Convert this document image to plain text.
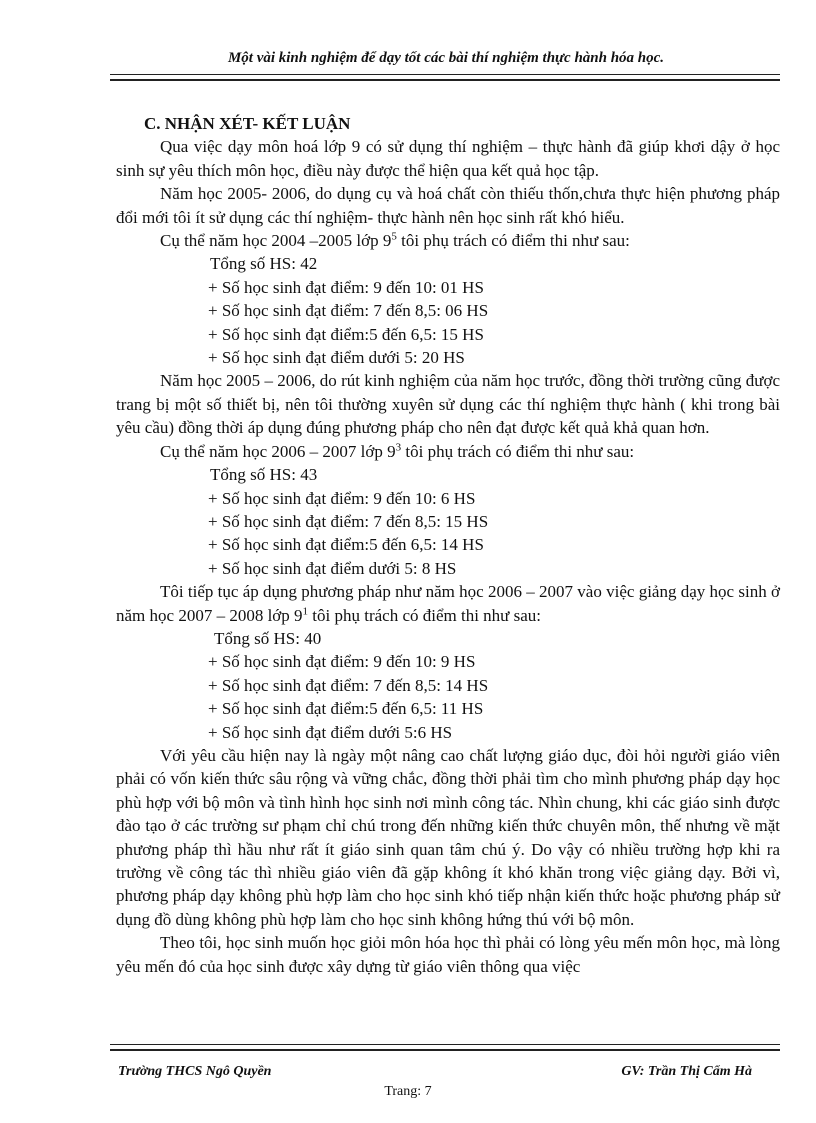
Một vài kinh nghiệm để dạy tốt các bài thí nghiệm thực hành hóa học.
C. NHẬN XÉT- KẾT LUẬN

Qua việc dạy môn hoá lớp 9 có sử dụng thí nghiệm – thực hành đã giúp khơi dậy ở học sinh sự yêu thích môn học, điều này được thể hiện qua kết quả học tập.

Năm học 2005- 2006, do dụng cụ và hoá chất còn thiếu thốn,chưa thực hiện phương pháp đổi mới tôi ít sử dụng các thí nghiệm- thực hành nên học sinh rất khó hiểu.

Cụ thể năm học 2004 –2005 lớp $9^5$ tôi phụ trách có điểm thi như sau:

Tổng số HS: 42
+ Số học sinh đạt điểm: 9 đến 10: 01 HS
+ Số học sinh đạt điểm: 7 đến 8,5: 06 HS
+ Số học sinh đạt điểm:5 đến 6,5: 15 HS
+ Số học sinh đạt điểm dưới 5: 20 HS

Năm học 2005 – 2006, do rút kinh nghiệm của năm học trước, đồng thời trường cũng được trang bị một số thiết bị, nên tôi thường xuyên sử dụng các thí nghiệm thực hành ( khi trong bài yêu cầu) đồng thời áp dụng đúng phương pháp cho nên đạt được kết quả khả quan hơn.

Cụ thể năm học 2006 – 2007 lớp $9^3$ tôi phụ trách có điểm thi như sau:

Tổng số HS: 43
+ Số học sinh đạt điểm: 9 đến 10: 6 HS
+ Số học sinh đạt điểm: 7 đến 8,5: 15 HS
+ Số học sinh đạt điểm:5 đến 6,5: 14 HS
+ Số học sinh đạt điểm dưới 5: 8 HS

Tôi tiếp tục áp dụng phương pháp như năm học 2006 – 2007 vào việc giảng dạy học sinh ở năm học 2007 – 2008 lớp $9^1$ tôi phụ trách có điểm thi như sau:

Tổng số HS: 40
+ Số học sinh đạt điểm: 9 đến 10: 9 HS
+ Số học sinh đạt điểm: 7 đến 8,5: 14 HS
+ Số học sinh đạt điểm:5 đến 6,5: 11 HS
+ Số học sinh đạt điểm dưới 5:6 HS

Với yêu cầu hiện nay là ngày một nâng cao chất lượng giáo dục, đòi hỏi người giáo viên phải có vốn kiến thức sâu rộng và vững chắc, đồng thời phải tìm cho mình phương pháp dạy học phù hợp với bộ môn và tình hình học sinh nơi mình công tác. Nhìn chung, khi các giáo sinh được đào tạo ở các trường sư phạm chỉ chú trong đến những kiến thức chuyên môn, thế nhưng về mặt phương pháp thì hầu như rất ít giáo sinh quan tâm chú ý. Do vậy có nhiều trường hợp khi ra trường về công tác thì nhiều giáo viên đã gặp không ít khó khăn trong việc giảng dạy. Bởi vì, phương pháp dạy không phù hợp làm cho học sinh khó tiếp nhận kiến thức hoặc phương pháp sử dụng đồ dùng không phù hợp làm cho học sinh không hứng thú với bộ môn.

Theo tôi, học sinh muốn học giỏi môn hóa học thì phải có lòng yêu mến môn học, mà lòng yêu mến đó của học sinh được xây dựng từ giáo viên thông qua việc

Trường THCS Ngô Quyền	GV: Trần Thị Cẩm Hà
Trang: 7
